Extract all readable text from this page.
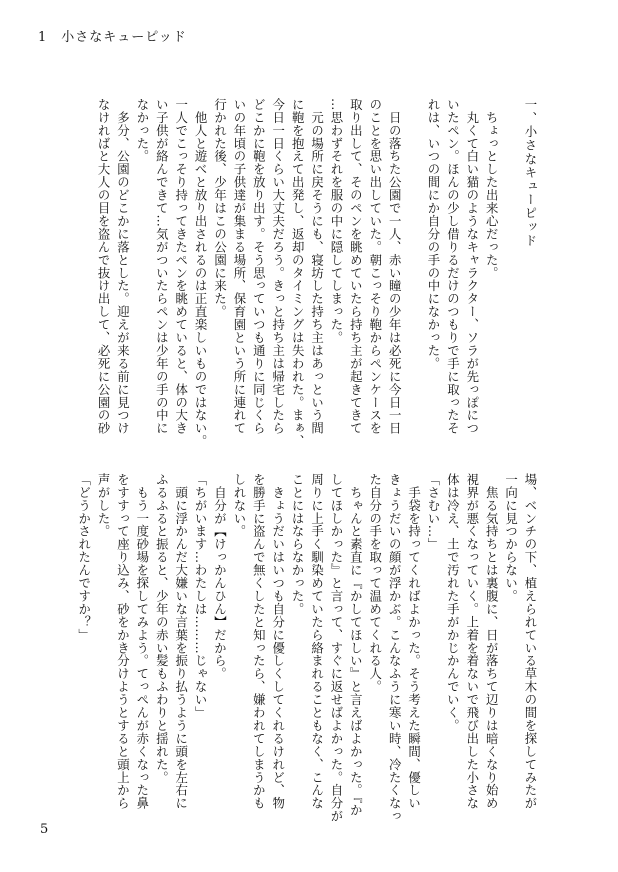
1　小さなキューピッド
一、小さなキューピッド
　ちょっとした出来心だった。
　丸くて白い猫のようなキャラクター、ソラが先っぽにつ
いたペン。ほんの少し借りるだけのつもりで手に取ったそ
れは、いつの間にか自分の手の中になかった。
　日の落ちた公園で一人、赤い瞳の少年は必死に今日一日
のことを思い出していた。朝こっそり鞄からペンケースを
取り出して、そのペンを眺めていたら持ち主が起きてきて
…思わずそれを服の中に隠してしまった。
　元の場所に戻そうにも、寝坊した持ち主はあっという間
に鞄を抱えて出発し、返却のタイミングは失われた。まぁ、
今日一日くらい大丈夫だろう。きっと持ち主は帰宅したら
どこかに鞄を放り出す。そう思っていつも通りに同じくら
いの年頃の子供達が集まる場所、保育園という所に連れて
行かれた後、少年はこの公園に来た。
　他人と遊べと放り出されるのは正直楽しいものではない。
一人でこっそり持ってきたペンを眺めていると、体の大き
い子供が絡んできて…気がついたらペンは少年の手の中に
なかった。
　多分、公園のどこかに落とした。迎えが来る前に見つけ
なければと大人の目を盗んで抜け出して、必死に公園の砂
場、ベンチの下、植えられている草木の間を探してみたが
一向に見つからない。
　焦る気持ちとは裏腹に、日が落ちて辺りは暗くなり始め
視界が悪くなっていく。上着を着ないで飛び出した小さな
体は冷え、土で汚れた手がかじかんでいく。
「さむい…」
　手袋を持ってくればよかった。そう考えた瞬間、優しい
きょうだいの顔が浮かぶ。こんなふうに寒い時、冷たくなっ
た自分の手を取って温めてくれる人。
　ちゃんと素直に『かしてほしい』と言えばよかった。『か
してほしかった』と言って、すぐに返せばよかった。自分が
周りに上手く馴染めていたら絡まれることもなく、こんな
ことにはならなかった。
　きょうだいはいつも自分に優しくしてくれるけれど、物
を勝手に盗んで無くしたと知ったら、嫌われてしまうかも
しれない。
　自分が【けっかんひん】だから。
「ちがいます…わたしは………じゃない」
　頭に浮かんだ大嫌いな言葉を振り払うように頭を左右に
ふるふると振ると、少年の赤い髪もふわりと揺れた。
　もう一度砂場を探してみよう。てっぺんが赤くなった鼻
をすすって座り込み、砂をかき分けようとすると頭上から
声がした。
「どうかされたんですか？」
5
